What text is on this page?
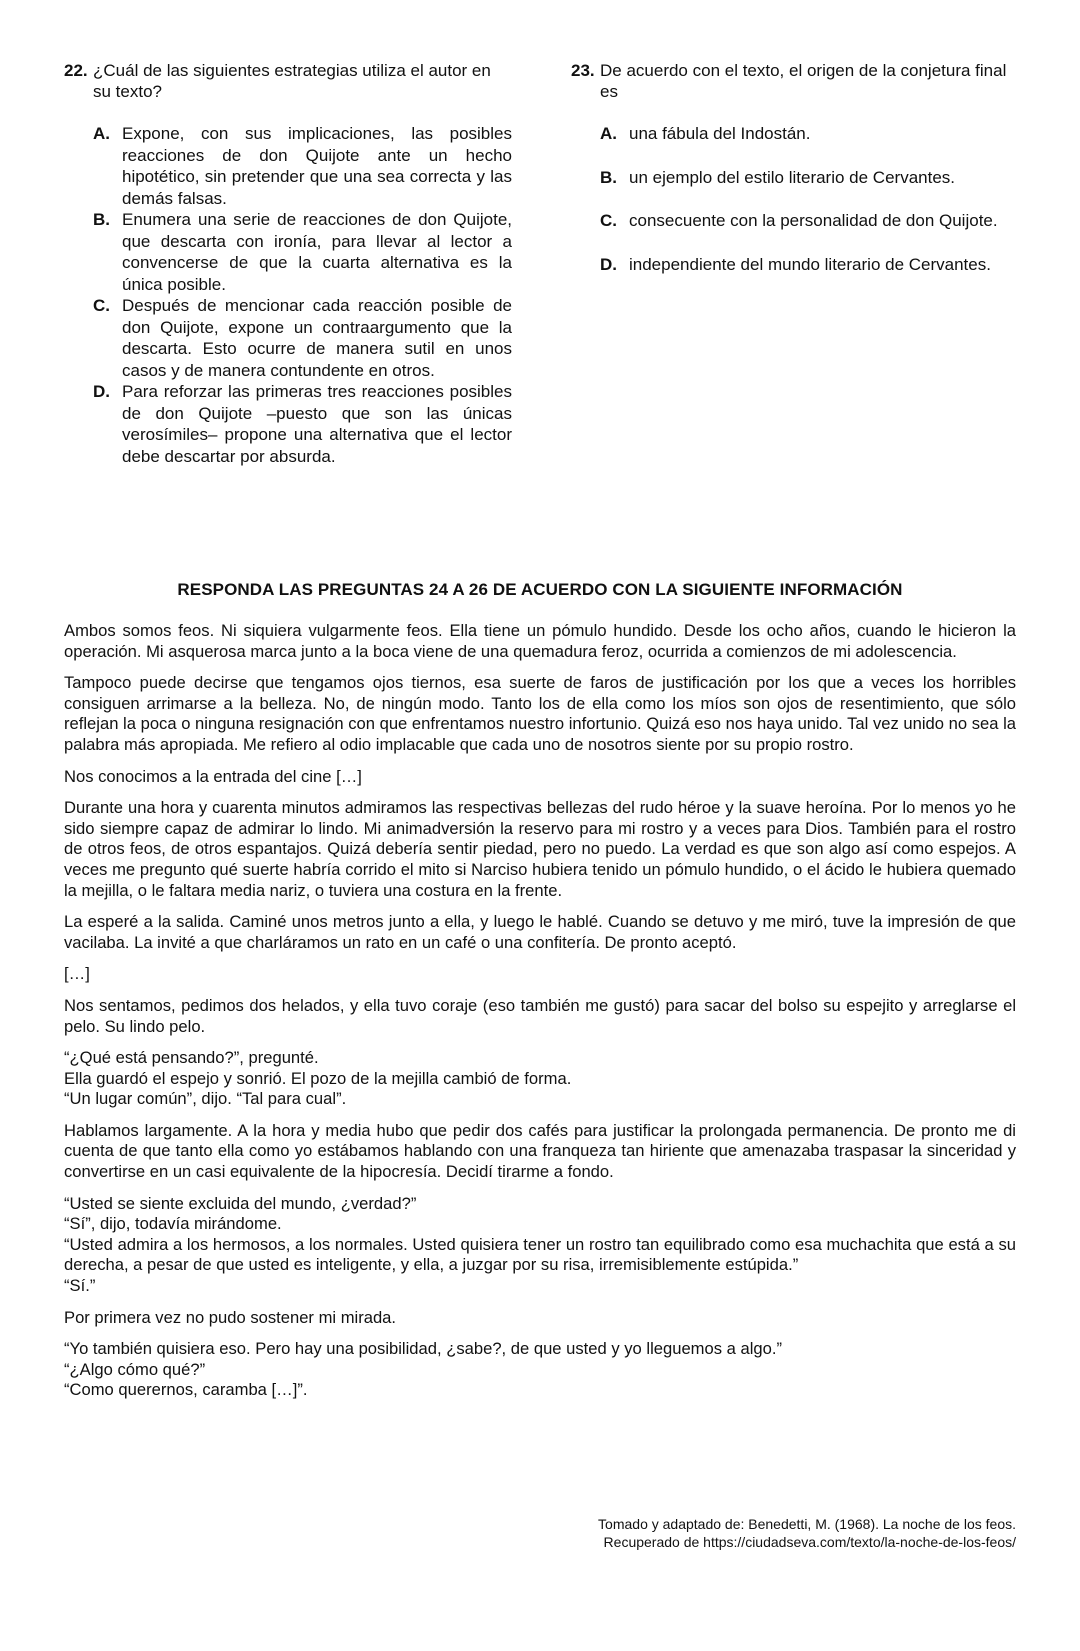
22. ¿Cuál de las siguientes estrategias utiliza el autor en su texto?
A. Expone, con sus implicaciones, las posibles reacciones de don Quijote ante un hecho hipotético, sin pretender que una sea correcta y las demás falsas.
B. Enumera una serie de reacciones de don Quijote, que descarta con ironía, para llevar al lector a convencerse de que la cuarta alternativa es la única posible.
C. Después de mencionar cada reacción posible de don Quijote, expone un contraargumento que la descarta. Esto ocurre de manera sutil en unos casos y de manera contundente en otros.
D. Para reforzar las primeras tres reacciones posibles de don Quijote –puesto que son las únicas verosímiles– propone una alternativa que el lector debe descartar por absurda.
23. De acuerdo con el texto, el origen de la conjetura final es
A. una fábula del Indostán.
B. un ejemplo del estilo literario de Cervantes.
C. consecuente con la personalidad de don Quijote.
D. independiente del mundo literario de Cervantes.
RESPONDA LAS PREGUNTAS 24 A 26 DE ACUERDO CON LA SIGUIENTE INFORMACIÓN

Ambos somos feos. Ni siquiera vulgarmente feos. Ella tiene un pómulo hundido. Desde los ocho años, cuando le hicieron la operación. Mi asquerosa marca junto a la boca viene de una quemadura feroz, ocurrida a comienzos de mi adolescencia.

Tampoco puede decirse que tengamos ojos tiernos, esa suerte de faros de justificación por los que a veces los horribles consiguen arrimarse a la belleza. No, de ningún modo. Tanto los de ella como los míos son ojos de resentimiento, que sólo reflejan la poca o ninguna resignación con que enfrentamos nuestro infortunio. Quizá eso nos haya unido. Tal vez unido no sea la palabra más apropiada. Me refiero al odio implacable que cada uno de nosotros siente por su propio rostro.

Nos conocimos a la entrada del cine […]

Durante una hora y cuarenta minutos admiramos las respectivas bellezas del rudo héroe y la suave heroína. Por lo menos yo he sido siempre capaz de admirar lo lindo. Mi animadversión la reservo para mi rostro y a veces para Dios. También para el rostro de otros feos, de otros espantajos. Quizá debería sentir piedad, pero no puedo. La verdad es que son algo así como espejos. A veces me pregunto qué suerte habría corrido el mito si Narciso hubiera tenido un pómulo hundido, o el ácido le hubiera quemado la mejilla, o le faltara media nariz, o tuviera una costura en la frente.

La esperé a la salida. Caminé unos metros junto a ella, y luego le hablé. Cuando se detuvo y me miró, tuve la impresión de que vacilaba. La invité a que charláramos un rato en un café o una confitería. De pronto aceptó.

[…]

Nos sentamos, pedimos dos helados, y ella tuvo coraje (eso también me gustó) para sacar del bolso su espejito y arreglarse el pelo. Su lindo pelo.

“¿Qué está pensando?”, pregunté.

Ella guardó el espejo y sonrió. El pozo de la mejilla cambió de forma.

“Un lugar común”, dijo. “Tal para cual”.

Hablamos largamente. A la hora y media hubo que pedir dos cafés para justificar la prolongada permanencia. De pronto me di cuenta de que tanto ella como yo estábamos hablando con una franqueza tan hiriente que amenazaba traspasar la sinceridad y convertirse en un casi equivalente de la hipocresía. Decidí tirarme a fondo.

“Usted se siente excluida del mundo, ¿verdad?”

“Sí”, dijo, todavía mirándome.

“Usted admira a los hermosos, a los normales. Usted quisiera tener un rostro tan equilibrado como esa muchachita que está a su derecha, a pesar de que usted es inteligente, y ella, a juzgar por su risa, irremisiblemente estúpida.”

“Sí.”

Por primera vez no pudo sostener mi mirada.

“Yo también quisiera eso. Pero hay una posibilidad, ¿sabe?, de que usted y yo lleguemos a algo.”

“¿Algo cómo qué?”

“Como querernos, caramba […]”.

Tomado y adaptado de: Benedetti, M. (1968). La noche de los feos.
Recuperado de https://ciudadseva.com/texto/la-noche-de-los-feos/
